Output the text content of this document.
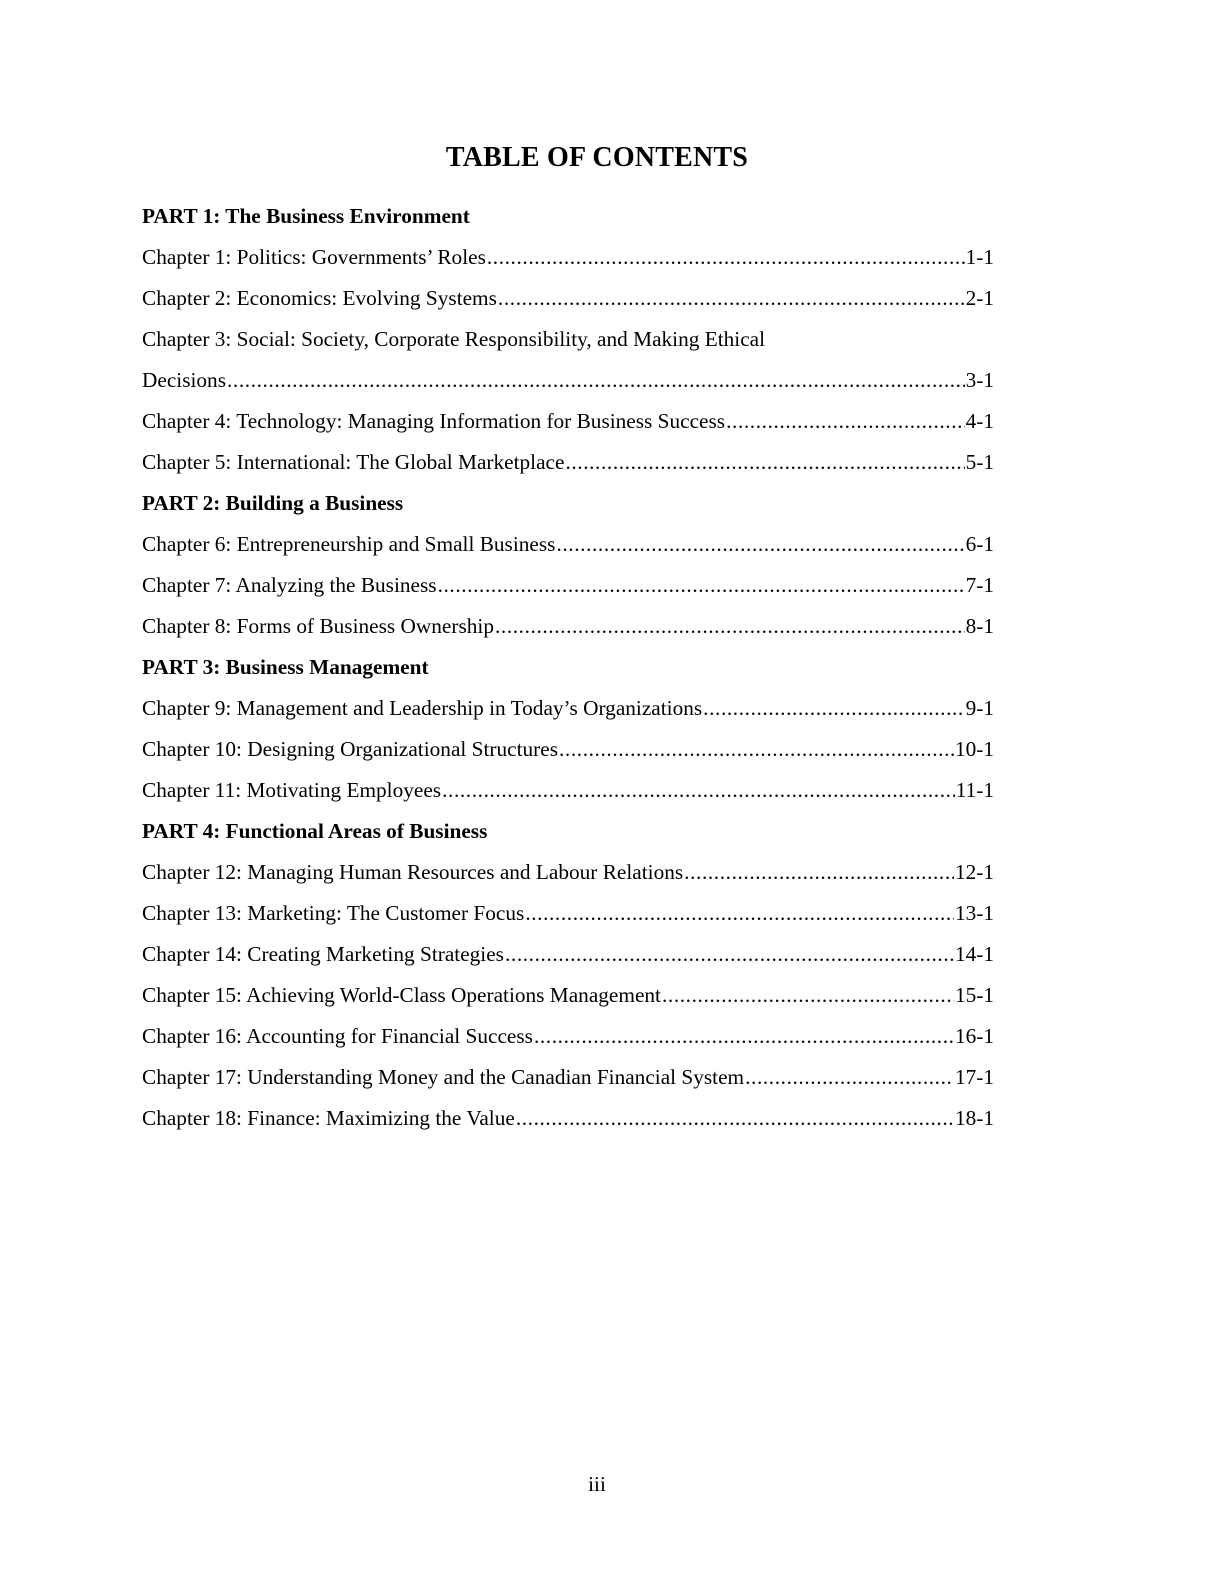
TABLE OF CONTENTS
PART 1: The Business Environment
Chapter 1: Politics: Governments’ Roles .....	1-1
Chapter 2: Economics: Evolving Systems .....	2-1
Chapter 3: Social: Society, Corporate Responsibility, and Making Ethical
Decisions .....	3-1
Chapter 4: Technology: Managing Information for Business Success .....	4-1
Chapter 5: International: The Global Marketplace .....	5-1
PART 2: Building a Business
Chapter 6: Entrepreneurship and Small Business .....	6-1
Chapter 7: Analyzing the Business .....	7-1
Chapter 8: Forms of Business Ownership .....	8-1
PART 3: Business Management
Chapter 9: Management and Leadership in Today’s Organizations .....	9-1
Chapter 10: Designing Organizational Structures .....	10-1
Chapter 11: Motivating Employees .....	11-1
PART 4: Functional Areas of Business
Chapter 12: Managing Human Resources and Labour Relations .....	12-1
Chapter 13: Marketing: The Customer Focus .....	13-1
Chapter 14: Creating Marketing Strategies .....	14-1
Chapter 15: Achieving World-Class Operations Management .....	15-1
Chapter 16: Accounting for Financial Success .....	16-1
Chapter 17: Understanding Money and the Canadian Financial System .....	17-1
Chapter 18: Finance: Maximizing the Value .....	18-1
iii
